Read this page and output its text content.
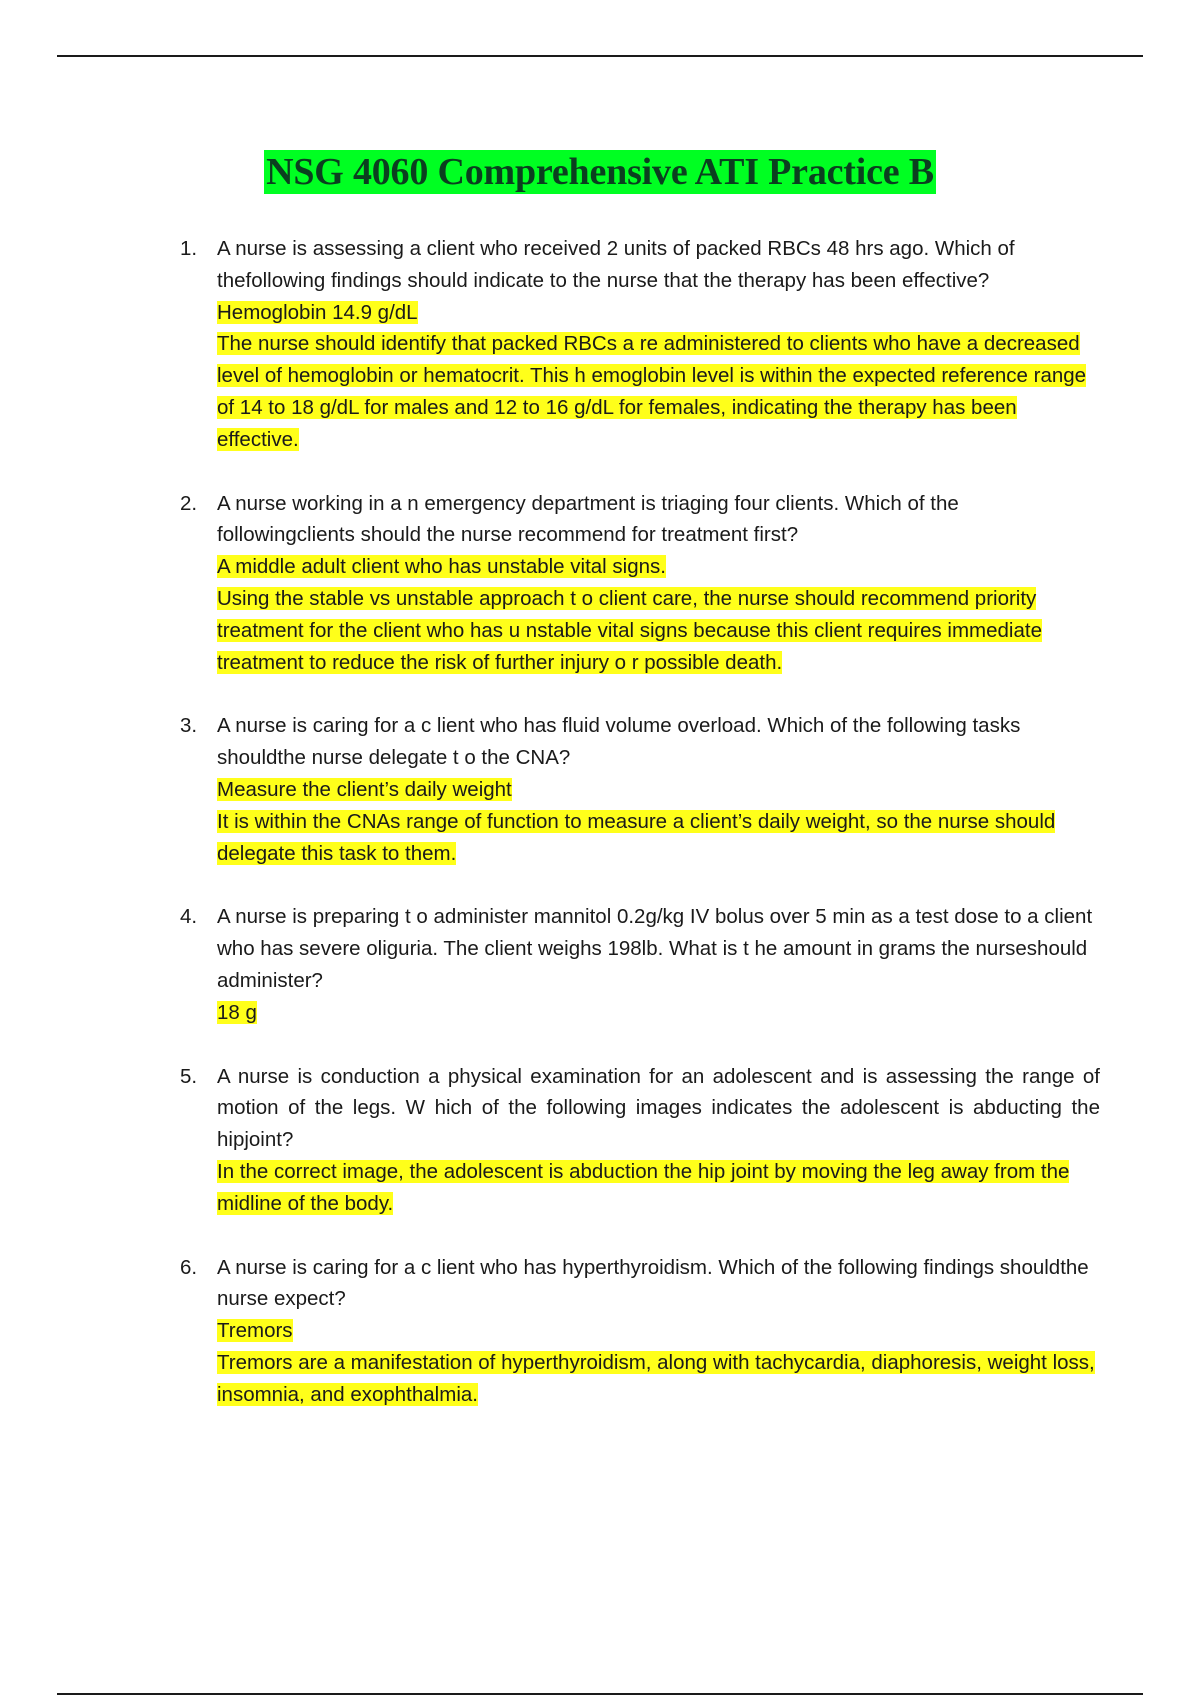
NSG 4060 Comprehensive ATI Practice B
1. A nurse is assessing a client who received 2 units of packed RBCs 48 hrs ago. Which of thefollowing findings should indicate to the nurse that the therapy has been effective?
Hemoglobin 14.9 g/dL
The nurse should identify that packed RBCs a re administered to clients who have a decreased level of hemoglobin or hematocrit. This h emoglobin level is within the expected reference range of 14 to 18 g/dL for males and 12 to 16 g/dL for females, indicating the therapy has been effective.
2. A nurse working in a n emergency department is triaging four clients. Which of the followingclients should the nurse recommend for treatment first?
A middle adult client who has unstable vital signs.
Using the stable vs unstable approach t o client care, the nurse should recommend priority treatment for the client who has u nstable vital signs because this client requires immediate treatment to reduce the risk of further injury o r possible death.
3. A nurse is caring for a c lient who has fluid volume overload. Which of the following tasks shouldthe nurse delegate t o the CNA?
Measure the client’s daily weight
It is within the CNAs range of function to measure a client’s daily weight, so the nurse should delegate this task to them.
4. A nurse is preparing t o administer mannitol 0.2g/kg IV bolus over 5 min as a test dose to a client who has severe oliguria. The client weighs 198lb. What is t he amount in grams the nurseshould administer?
18 g
5. A nurse is conduction a physical examination for an adolescent and is assessing the range of motion of the legs. W hich of the following images indicates the adolescent is abducting the hipjoint?
In the correct image, the adolescent is abduction the hip joint by moving the leg away from the midline of the body.
6. A nurse is caring for a c lient who has hyperthyroidism. Which of the following findings shouldthe nurse expect?
Tremors
Tremors are a manifestation of hyperthyroidism, along with tachycardia, diaphoresis, weight loss, insomnia, and exophthalmia.
